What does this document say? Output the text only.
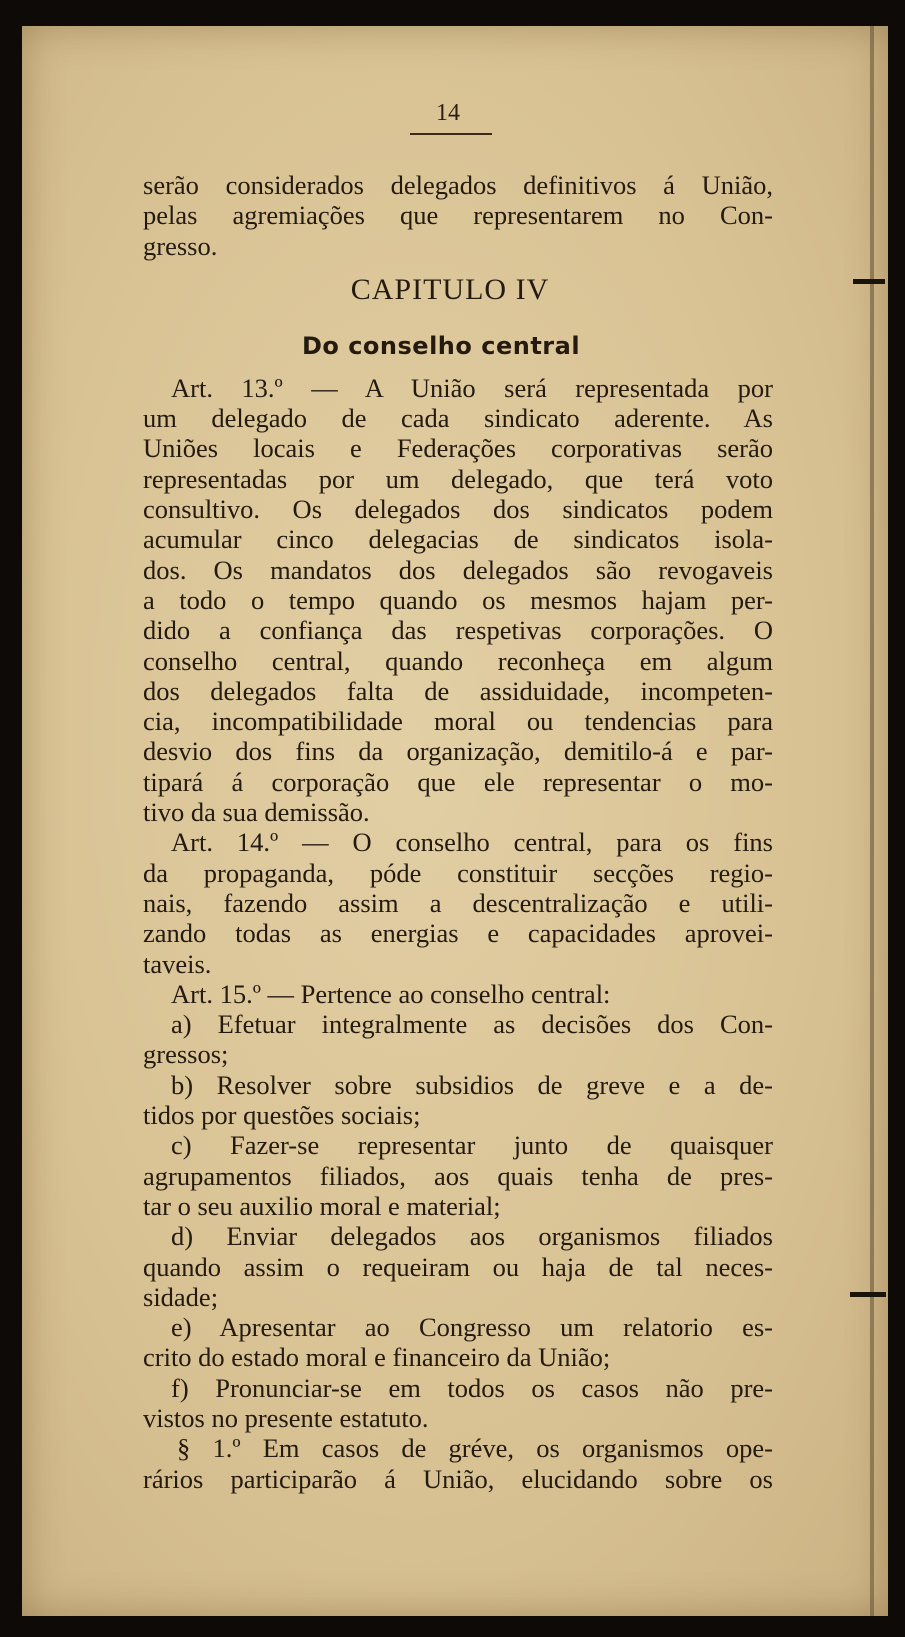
14
serão considerados delegados definitivos á União,
pelas agremiações que representarem no Con-
gresso.
CAPITULO IV
Do conselho central
Art. 13.º — A União será representada por
um delegado de cada sindicato aderente. As
Uniões locais e Federações corporativas serão
representadas por um delegado, que terá voto
consultivo. Os delegados dos sindicatos podem
acumular cinco delegacias de sindicatos isola-
dos. Os mandatos dos delegados são revogaveis
a todo o tempo quando os mesmos hajam per-
dido a confiança das respetivas corporações. O
conselho central, quando reconheça em algum
dos delegados falta de assiduidade, incompeten-
cia, incompatibilidade moral ou tendencias para
desvio dos fins da organização, demitilo-á e par-
tipará á corporação que ele representar o mo-
tivo da sua demissão.
Art. 14.º — O conselho central, para os fins
da propaganda, póde constituir secções regio-
nais, fazendo assim a descentralização e utili-
zando todas as energias e capacidades aprovei-
taveis.
Art. 15.º — Pertence ao conselho central:
a) Efetuar integralmente as decisões dos Con-
gressos;
b) Resolver sobre subsidios de greve e a de-
tidos por questões sociais;
c) Fazer-se representar junto de quaisquer
agrupamentos filiados, aos quais tenha de pres-
tar o seu auxilio moral e material;
d) Enviar delegados aos organismos filiados
quando assim o requeiram ou haja de tal neces-
sidade;
e) Apresentar ao Congresso um relatorio es-
crito do estado moral e financeiro da União;
f) Pronunciar-se em todos os casos não pre-
vistos no presente estatuto.
§ 1.º Em casos de gréve, os organismos ope-
rários participarão á União, elucidando sobre os
